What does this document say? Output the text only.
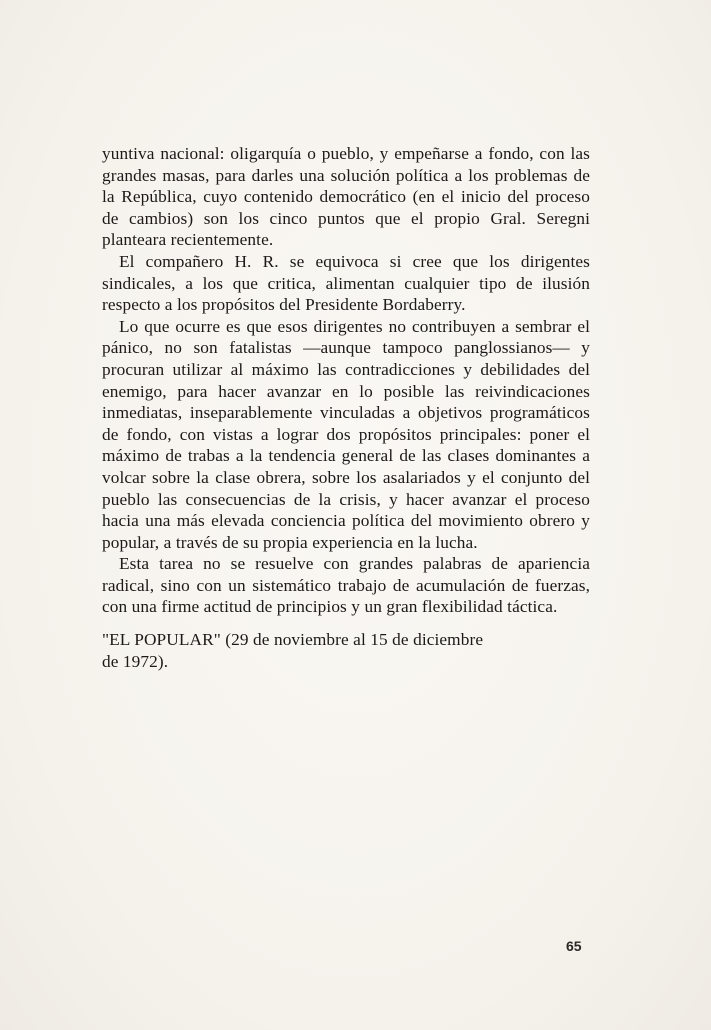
yuntiva nacional: oligarquía o pueblo, y empeñarse a fondo, con las grandes masas, para darles una solución política a los problemas de la República, cuyo contenido democrático (en el inicio del proceso de cambios) son los cinco puntos que el propio Gral. Seregni planteara recientemente.

El compañero H. R. se equivoca si cree que los dirigentes sindicales, a los que critica, alimentan cualquier tipo de ilusión respecto a los propósitos del Presidente Bordaberry.

Lo que ocurre es que esos dirigentes no contribuyen a sembrar el pánico, no son fatalistas —aunque tampoco panglossianos— y procuran utilizar al máximo las contradicciones y debilidades del enemigo, para hacer avanzar en lo posible las reivindicaciones inmediatas, inseparablemente vinculadas a objetivos programáticos de fondo, con vistas a lograr dos propósitos principales: poner el máximo de trabas a la tendencia general de las clases dominantes a volcar sobre la clase obrera, sobre los asalariados y el conjunto del pueblo las consecuencias de la crisis, y hacer avanzar el proceso hacia una más elevada conciencia política del movimiento obrero y popular, a través de su propia experiencia en la lucha.

Esta tarea no se resuelve con grandes palabras de apariencia radical, sino con un sistemático trabajo de acumulación de fuerzas, con una firme actitud de principios y un gran flexibilidad táctica.

"EL POPULAR" (29 de noviembre al 15 de diciembre de 1972).

65
